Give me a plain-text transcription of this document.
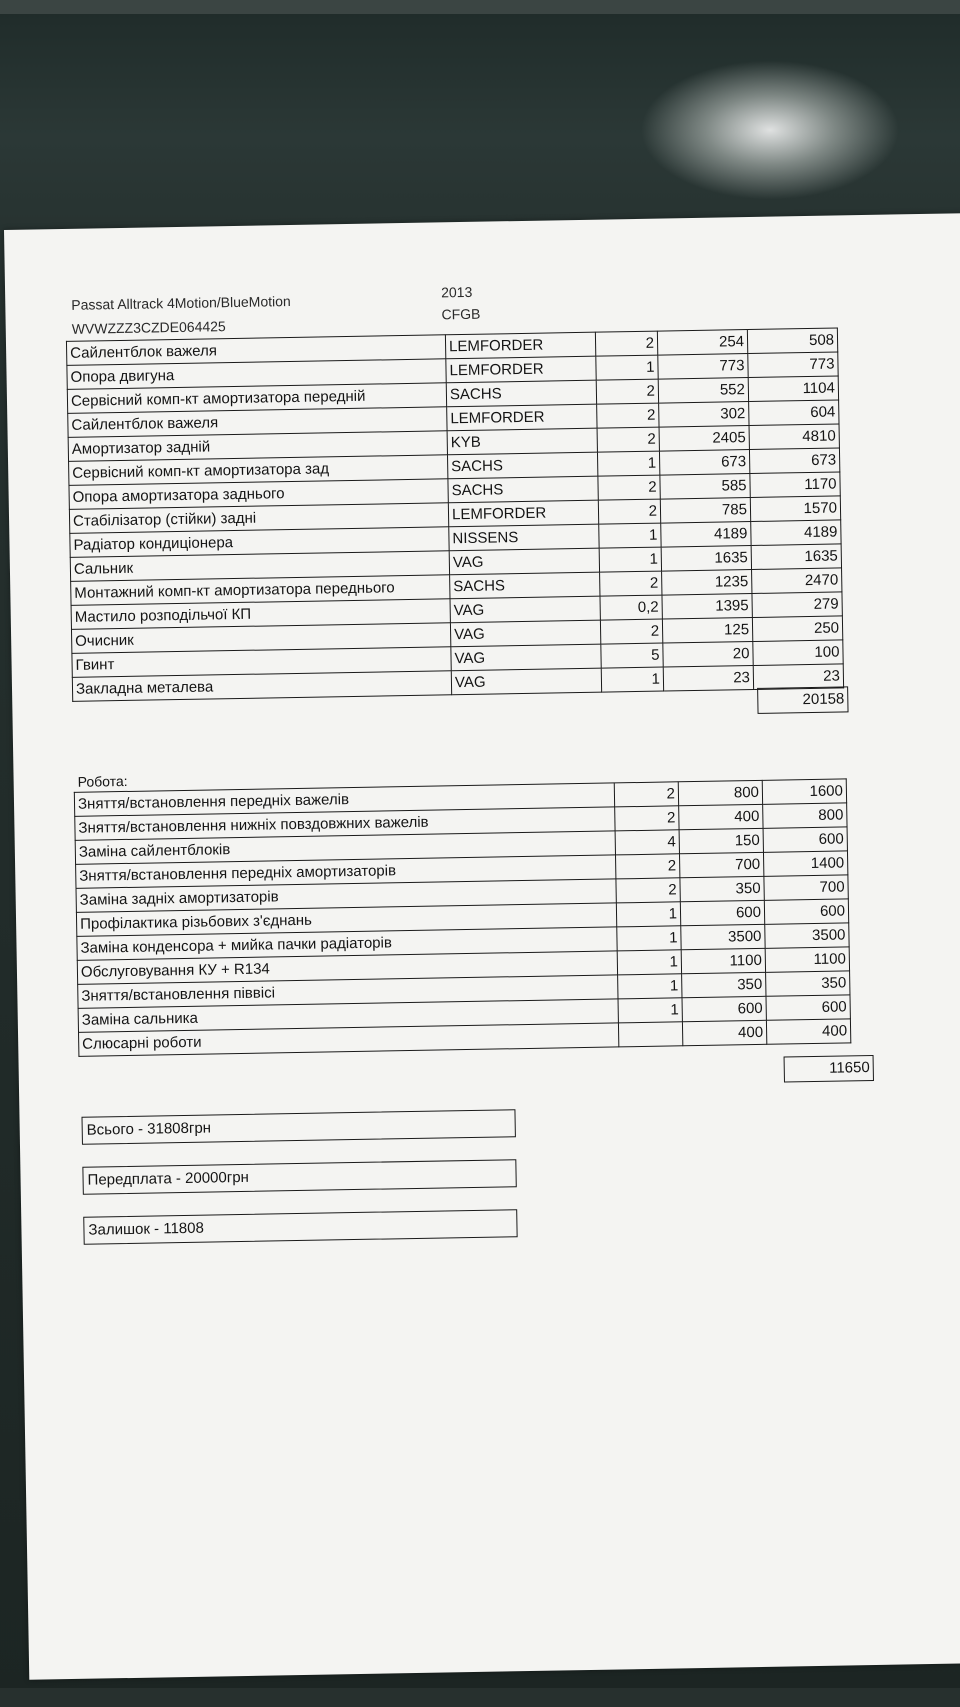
Passat Alltrack 4Motion/BlueMotion
WVWZZZ3CZDE064425
2013
CFGB
Сайлентблок важеля	LEMFORDER	2	254	508
Опора двигуна	LEMFORDER	1	773	773
Сервісний комп-кт амортизатора передній	SACHS	2	552	1104
Сайлентблок важеля	LEMFORDER	2	302	604
Амортизатор задній	KYB	2	2405	4810
Сервісний комп-кт амортизатора зад	SACHS	1	673	673
Опора амортизатора заднього	SACHS	2	585	1170
Стабілізатор (стійки) задні	LEMFORDER	2	785	1570
Радіатор кондиціонера	NISSENS	1	4189	4189
Сальник	VAG	1	1635	1635
Монтажний комп-кт амортизатора переднього	SACHS	2	1235	2470
Мастило розподільчої КП	VAG	0,2	1395	279
Очисник	VAG	2	125	250
Гвинт	VAG	5	20	100
Закладна металева	VAG	1	23	23
20158
Робота:
Зняття/встановлення передніх важелів	2	800	1600
Зняття/встановлення нижніх повздовжних важелів	2	400	800
Заміна сайлентблоків	4	150	600
Зняття/встановлення передніх амортизаторів	2	700	1400
Заміна задніх амортизаторів	2	350	700
Профілактика різьбових з'єднань	1	600	600
Заміна конденсора + мийка пачки радіаторів	1	3500	3500
Обслуговування КУ + R134	1	1100	1100
Зняття/встановлення піввісі	1	350	350
Заміна сальника	1	600	600
Слюсарні роботи		400	400
11650
Всього - 31808грн
Передплата - 20000грн
Залишок - 11808
